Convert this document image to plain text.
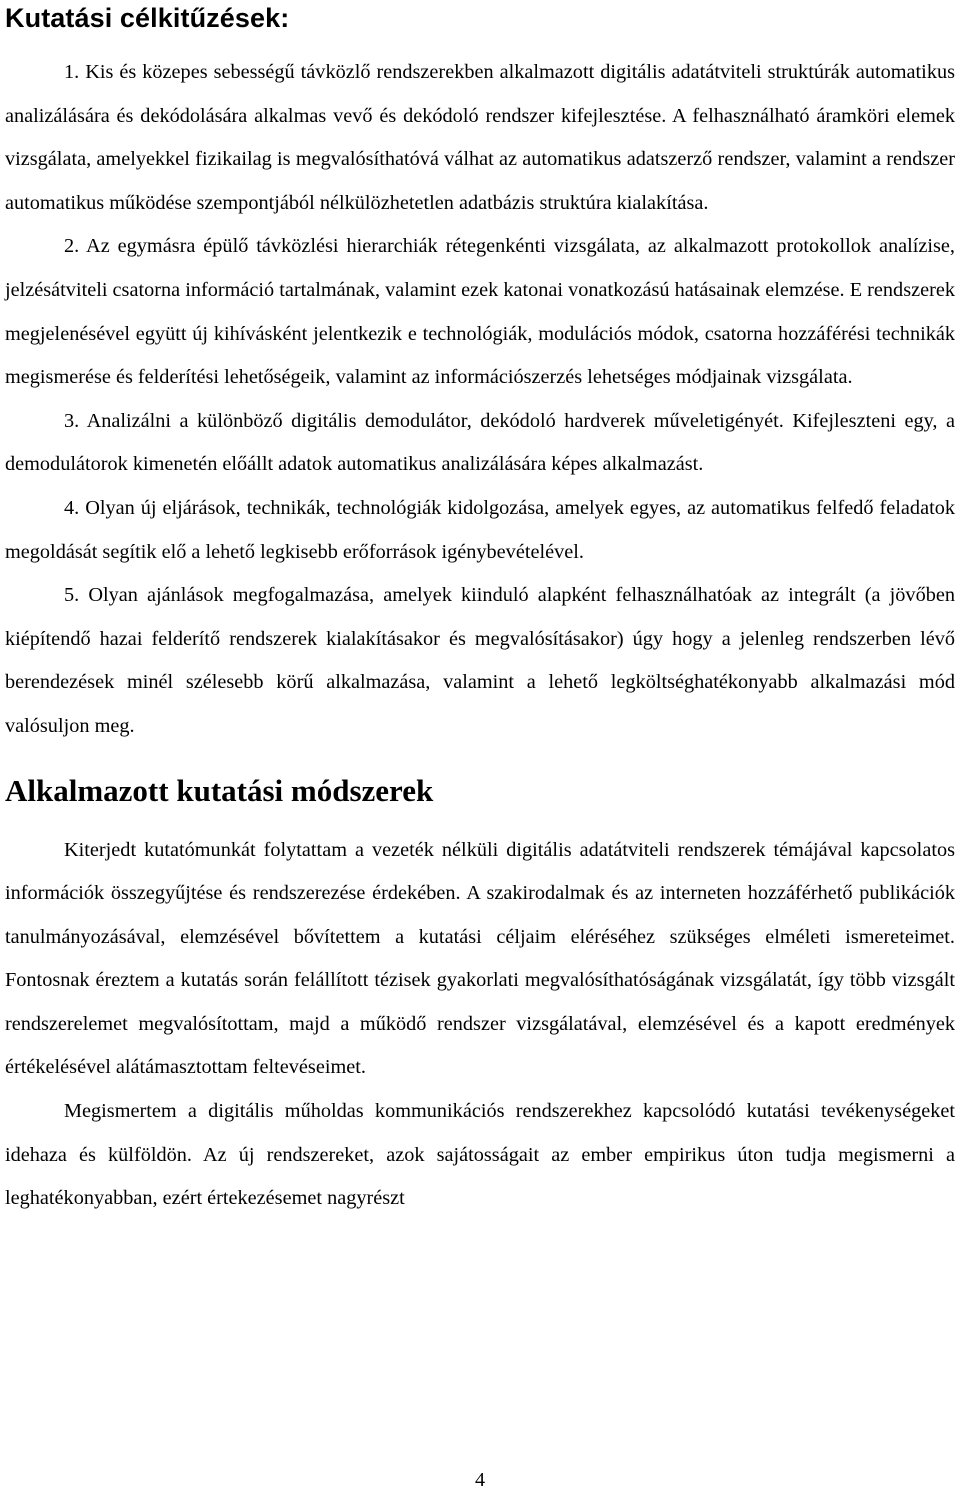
Kutatási célkitűzések:

1. Kis és közepes sebességű távközlő rendszerekben alkalmazott digitális adatátviteli struktúrák automatikus analizálására és dekódolására alkalmas vevő és dekódoló rendszer kifejlesztése. A felhasználható áramköri elemek vizsgálata, amelyekkel fizikailag is megvalósíthatóvá válhat az automatikus adatszerző rendszer, valamint a rendszer automatikus működése szempontjából nélkülözhetetlen adatbázis struktúra kialakítása.

2. Az egymásra épülő távközlési hierarchiák rétegenkénti vizsgálata, az alkalmazott protokollok analízise, jelzésátviteli csatorna információ tartalmának, valamint ezek katonai vonatkozású hatásainak elemzése. E rendszerek megjelenésével együtt új kihívásként jelentkezik e technológiák, modulációs módok, csatorna hozzáférési technikák megismerése és felderítési lehetőségeik, valamint az információszerzés lehetséges módjainak vizsgálata.

3. Analizálni a különböző digitális demodulátor, dekódoló hardverek műveletigényét. Kifejleszteni egy, a demodulátorok kimenetén előállt adatok automatikus analizálására képes alkalmazást.

4. Olyan új eljárások, technikák, technológiák kidolgozása, amelyek egyes, az automatikus felfedő feladatok megoldását segítik elő a lehető legkisebb erőforrások igénybevételével.

5. Olyan ajánlások megfogalmazása, amelyek kiinduló alapként felhasználhatóak az integrált (a jövőben kiépítendő hazai felderítő rendszerek kialakításakor és megvalósításakor) úgy hogy a jelenleg rendszerben lévő berendezések minél szélesebb körű alkalmazása, valamint a lehető legköltséghatékonyabb alkalmazási mód valósuljon meg.

Alkalmazott kutatási módszerek

Kiterjedt kutatómunkát folytattam a vezeték nélküli digitális adatátviteli rendszerek témájával kapcsolatos információk összegyűjtése és rendszerezése érdekében. A szakirodalmak és az interneten hozzáférhető publikációk tanulmányozásával, elemzésével bővítettem a kutatási céljaim eléréséhez szükséges elméleti ismereteimet. Fontosnak éreztem a kutatás során felállított tézisek gyakorlati megvalósíthatóságának vizsgálatát, így több vizsgált rendszerelemet megvalósítottam, majd a működő rendszer vizsgálatával, elemzésével és a kapott eredmények értékelésével alátámasztottam feltevéseimet.

Megismertem a digitális műholdas kommunikációs rendszerekhez kapcsolódó kutatási tevékenységeket idehaza és külföldön. Az új rendszereket, azok sajátosságait az ember empirikus úton tudja megismerni a leghatékonyabban, ezért értekezésemet nagyrészt

4
